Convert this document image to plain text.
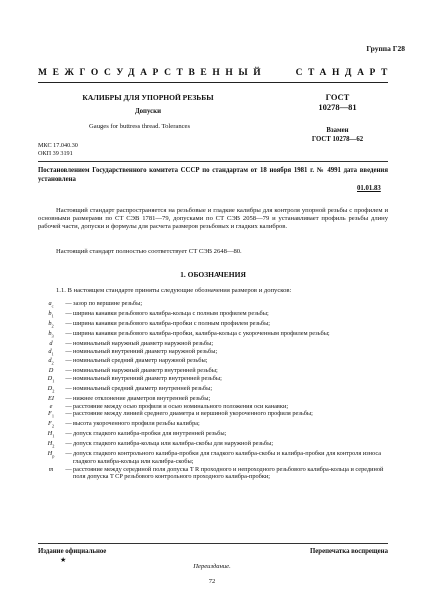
Группа Г28
МЕЖГОСУДАРСТВЕННЫЙ	СТАНДАРТ
КАЛИБРЫ ДЛЯ УПОРНОЙ РЕЗЬБЫ
Допуски
Gauges for buttress thread. Tolerances
ГОСТ
10278—81
Взамен
ГОСТ 10278—62
МКС 17.040.30
ОКП 39 3191
Постановлением Государственного комитета СССР по стандартам от 18 ноября 1981 г. № 4991 дата введения установлена
01.01.83
Настоящий стандарт распространяется на резьбовые и гладкие калибры для контроля упорной резьбы с профилем и основными размерами по СТ СЭВ 1781—79, допусками по СТ СЭВ 2058—79 и устанавливает профиль резьбы длину рабочей части, допуски и формулы для расчета размеров резьбовых и гладких калибров.
Настоящий стандарт полностью соответствует СТ СЭВ 2648—80.
1. ОБОЗНАЧЕНИЯ
1.1. В настоящем стандарте приняты следующие обозначения размеров и допусков:
$a_c$	— зазор по вершине резьбы;
$b_1$	— ширина канавки резьбового калибра-кольца с полным профилем резьбы;
$b_2$	— ширина канавки резьбового калибра-пробки с полным профилем резьбы;
$b_3$	— ширина канавки резьбового калибра-пробки, калибра-кольца с укороченным профилем резьбы;
d	— номинальный наружный диаметр наружной резьбы;
$d_1$	— номинальный внутренний диаметр наружной резьбы;
$d_2$	— номинальный средний диаметр наружной резьбы;
D	— номинальный наружный диаметр внутренней резьбы;
$D_1$	— номинальный внутренний диаметр внутренней резьбы;
$D_2$	— номинальный средний диаметр внутренней резьбы;
EI	— нижнее отклонение диаметров внутренней резьбы;
e	— расстояние между осью профиля и осью номинального положения оси канавки;
$F_1$	— расстояние между линией среднего диаметра и вершиной укороченного профиля резьбы;
$F_2$	— высота укороченного профиля резьбы калибра;
$H_1$	— допуск гладкого калибра-пробки для внутренней резьбы;
$H_2$	— допуск гладкого калибра-кольца или калибра-скобы для наружной резьбы;
$H_p$	— допуск гладкого контрольного калибра-пробки для гладкого калибра-скобы и калибра-пробки для контроля износа гладкого калибра-кольца или калибра-скобы;
m	— расстояние между серединой поля допуска T R проходного и непроходного резьбового калибра-кольца и серединой поля допуска T CP резьбового контрольного проходного калибра-пробки;
Издание официальное
★
Перепечатка воспрещена
Переиздание.
72
